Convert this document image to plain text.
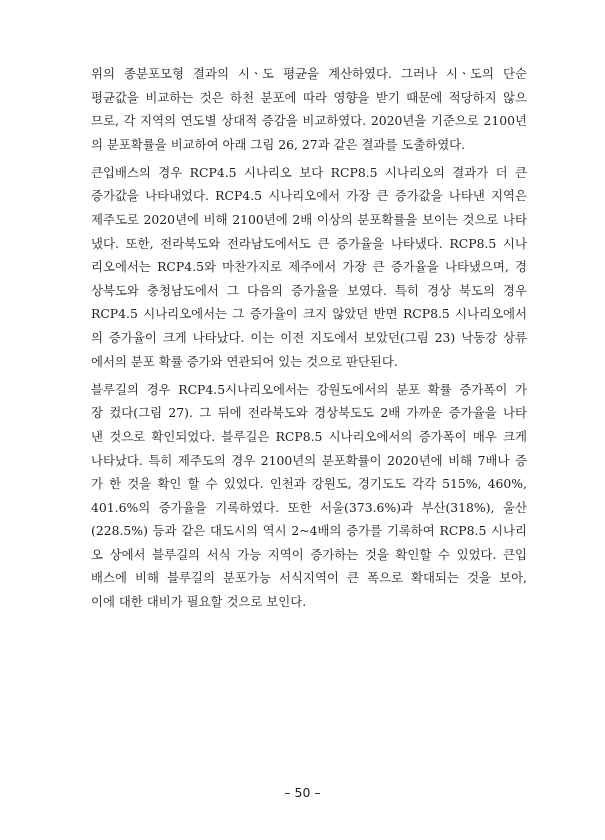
위의 종분포모형 결과의 시ㆍ도 평균을 계산하였다. 그러나 시ㆍ도의 단순
평균값을 비교하는 것은 하천 분포에 따라 영향을 받기 때문에 적당하지 않으
므로, 각 지역의 연도별 상대적 증감을 비교하였다. 2020년을 기준으로 2100년
의 분포확률을 비교하여 아래 그림 26, 27과 같은 결과를 도출하였다.
큰입배스의 경우 RCP4.5 시나리오 보다 RCP8.5 시나리오의 결과가 더 큰
증가값을 나타내었다. RCP4.5 시나리오에서 가장 큰 증가값을 나타낸 지역은
제주도로 2020년에 비해 2100년에 2배 이상의 분포확률을 보이는 것으로 나타
냈다. 또한, 전라북도와 전라남도에서도 큰 증가율을 나타냈다. RCP8.5 시나
리오에서는 RCP4.5와 마찬가지로 제주에서 가장 큰 증가율을 나타냈으며, 경
상북도와 충청남도에서 그 다음의 증가율을 보였다. 특히 경상 북도의 경우
RCP4.5 시나리오에서는 그 증가율이 크지 않았던 반면 RCP8.5 시나리오에서
의 증가율이 크게 나타났다. 이는 이전 지도에서 보았던(그림 23) 낙동강 상류
에서의 분포 확률 증가와 연관되어 있는 것으로 판단된다.
블루길의 경우 RCP4.5시나리오에서는 강원도에서의 분포 확률 증가폭이 가
장 컸다(그림 27). 그 뒤에 전라북도와 경상북도도 2배 가까운 증가율을 나타
낸 것으로 확인되었다. 블루길은 RCP8.5 시나리오에서의 증가폭이 매우 크게
나타났다. 특히 제주도의 경우 2100년의 분포확률이 2020년에 비해 7배나 증
가 한 것을 확인 할 수 있었다. 인천과 강원도, 경기도도 각각 515%, 460%,
401.6%의 증가율을 기록하였다. 또한 서울(373.6%)과 부산(318%), 울산
(228.5%) 등과 같은 대도시의 역시 2~4배의 증가를 기록하여 RCP8.5 시나리
오 상에서 블루길의 서식 가능 지역이 증가하는 것을 확인할 수 있었다. 큰입
배스에 비해 블루길의 분포가능 서식지역이 큰 폭으로 확대되는 것을 보아,
이에 대한 대비가 필요할 것으로 보인다.
– 50 –
